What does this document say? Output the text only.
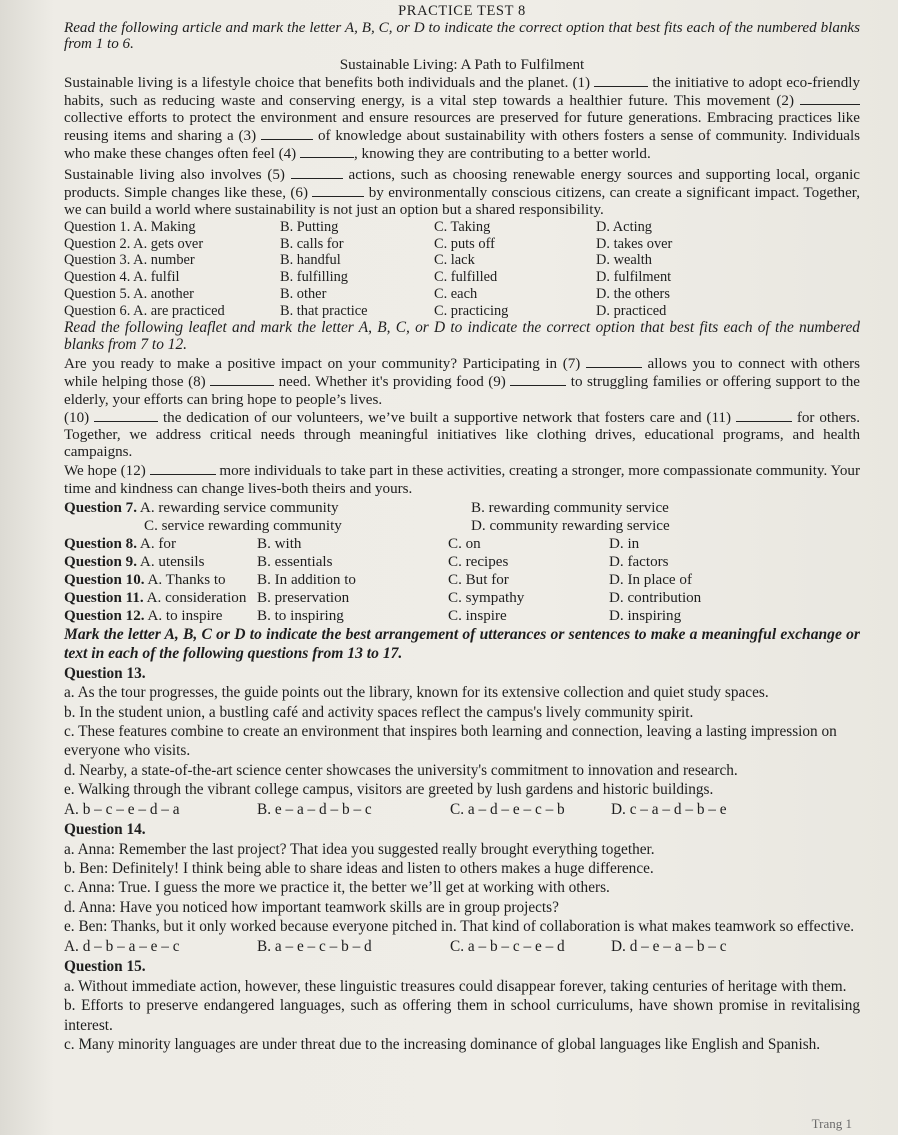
PRACTICE TEST 8

Read the following article and mark the letter A, B, C, or D to indicate the correct option that best fits each of the numbered blanks from 1 to 6.

Sustainable Living: A Path to Fulfilment

Sustainable living is a lifestyle choice that benefits both individuals and the planet. (1)	the initiative to adopt eco-friendly habits, such as reducing waste and conserving energy, is a vital step towards a healthier future. This movement (2)  collective efforts to protect the environment and ensure resources are preserved for future generations. Embracing practices like reusing items and sharing a (3)	of knowledge about sustainability with others fosters a sense of community. Individuals who make these changes often feel (4)	, knowing they are contributing to a better world.

Sustainable living also involves (5)	actions, such as choosing renewable energy sources and supporting local, organic products. Simple changes like these, (6)	by environmentally conscious citizens, can create a significant impact. Together, we can build a world where sustainability is not just an option but a shared responsibility.

Question 1. A. Making	B. Putting	C. Taking	D. Acting
Question 2. A. gets over	B. calls for	C. puts off	D. takes over
Question 3. A. number	B. handful	C. lack	D. wealth
Question 4. A. fulfil	B. fulfilling	C. fulfilled	D. fulfilment
Question 5. A. another	B. other	C. each	D. the others
Question 6. A. are practiced	B. that practice	C. practicing	D. practiced

Read the following leaflet and mark the letter A, B, C, or D to indicate the correct option that best fits each of the numbered blanks from 7 to 12.

Are you ready to make a positive impact on your community? Participating in (7)	allows you to connect with others while helping those (8)	need. Whether it's providing food (9)	to struggling families or offering support to the elderly, your efforts can bring hope to people’s lives.

(10)	the dedication of our volunteers, we’ve built a supportive network that fosters care and (11)	for others. Together, we address critical needs through meaningful initiatives like clothing drives, educational programs, and health campaigns.

We hope (12)	more individuals to take part in these activities, creating a stronger, more compassionate community. Your time and kindness can change lives-both theirs and yours.

Question 7. A. rewarding service community	B. rewarding community service
C. service rewarding community	D. community rewarding service
Question 8. A. for	B. with	C. on	D. in
Question 9. A. utensils	B. essentials	C. recipes	D. factors
Question 10. A. Thanks to	B. In addition to	C. But for	D. In place of
Question 11. A. consideration B. preservation	C. sympathy	D. contribution
Question 12. A. to inspire	B. to inspiring	C. inspire	D. inspiring

Mark the letter A, B, C or D to indicate the best arrangement of utterances or sentences to make a meaningful exchange or text in each of the following questions from 13 to 17.

Question 13.
a. As the tour progresses, the guide points out the library, known for its extensive collection and quiet study spaces.
b. In the student union, a bustling café and activity spaces reflect the campus's lively community spirit.
c. These features combine to create an environment that inspires both learning and connection, leaving a lasting impression on everyone who visits.
d. Nearby, a state-of-the-art science center showcases the university's commitment to innovation and research.
e. Walking through the vibrant college campus, visitors are greeted by lush gardens and historic buildings.
A. b – c – e – d – a	B. e – a – d – b – c	C. a – d – e – c – b	D. c – a – d – b – e
Question 14.
a. Anna: Remember the last project? That idea you suggested really brought everything together.
b. Ben: Definitely! I think being able to share ideas and listen to others makes a huge difference.
c. Anna: True. I guess the more we practice it, the better we’ll get at working with others.
d. Anna: Have you noticed how important teamwork skills are in group projects?
e. Ben: Thanks, but it only worked because everyone pitched in. That kind of collaboration is what makes teamwork so effective.
A. d – b – a – e – c	B. a – e – c – b – d	C. a – b – c – e – d	D. d – e – a – b – c
Question 15.
a. Without immediate action, however, these linguistic treasures could disappear forever, taking centuries of heritage with them.
b. Efforts to preserve endangered languages, such as offering them in school curriculums, have shown promise in revitalising interest.
c. Many minority languages are under threat due to the increasing dominance of global languages like English and Spanish.
Trang 1
